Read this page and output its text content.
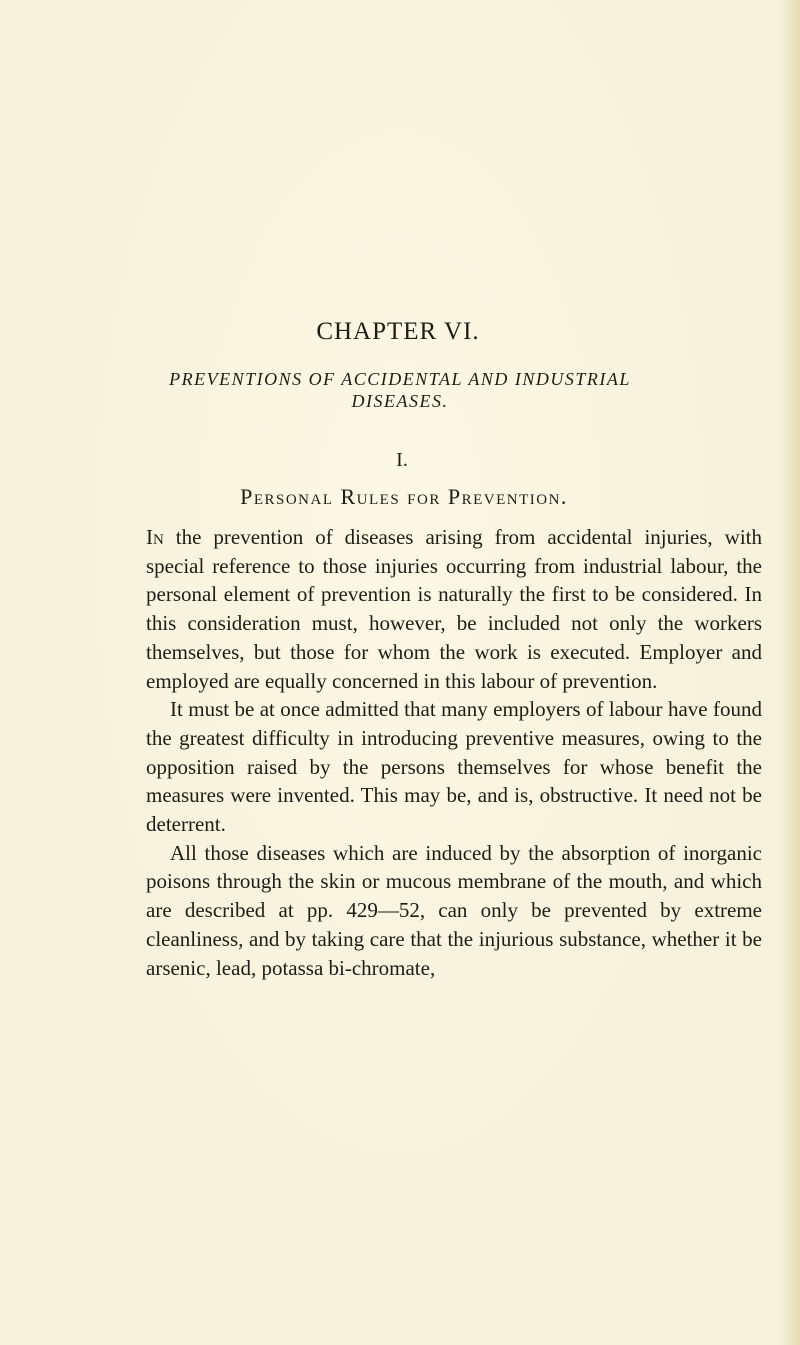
CHAPTER VI.
PREVENTIONS OF ACCIDENTAL AND INDUSTRIAL
DISEASES.
I.
Personal Rules for Prevention.

In the prevention of diseases arising from accidental injuries, with special reference to those injuries occurring from industrial labour, the personal element of prevention is naturally the first to be considered. In this consideration must, however, be included not only the workers themselves, but those for whom the work is executed. Employer and employed are equally concerned in this labour of prevention.

It must be at once admitted that many employers of labour have found the greatest difficulty in introducing preventive measures, owing to the opposition raised by the persons themselves for whose benefit the measures were invented. This may be, and is, obstructive. It need not be deterrent.

All those diseases which are induced by the absorption of inorganic poisons through the skin or mucous membrane of the mouth, and which are described at pp. 429—52, can only be prevented by extreme cleanliness, and by taking care that the injurious substance, whether it be arsenic, lead, potassa bi-chromate,
